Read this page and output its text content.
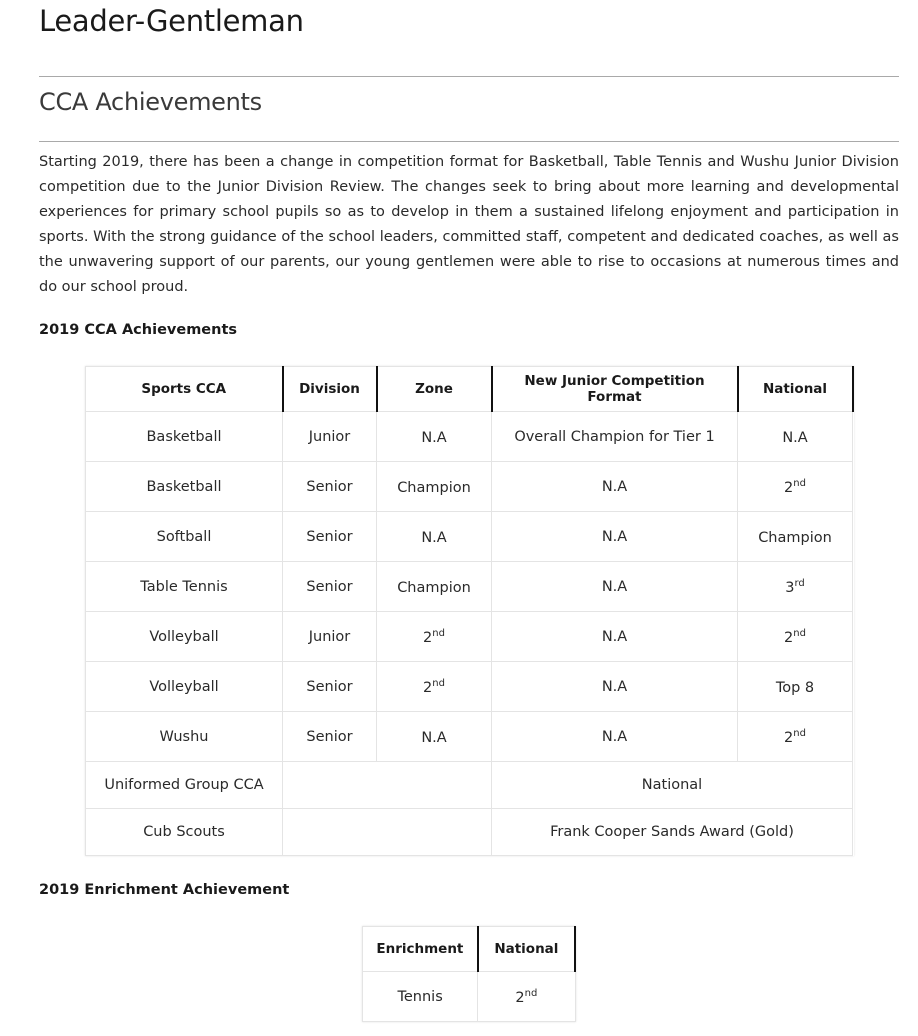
Leader-Gentleman
CCA Achievements

Starting 2019, there has been a change in competition format for Basketball, Table Tennis and Wushu Junior Division competition due to the Junior Division Review. The changes seek to bring about more learning and developmental experiences for primary school pupils so as to develop in them a sustained lifelong enjoyment and participation in sports. With the strong guidance of the school leaders, committed staff, competent and dedicated coaches, as well as the unwavering support of our parents, our young gentlemen were able to rise to occasions at numerous times and do our school proud.

2019 CCA Achievements
Sports CCA	Division	Zone	New Junior Competition Format	National
Basketball	Junior	N.A	Overall Champion for Tier 1	N.A
Basketball	Senior	Champion	N.A	2nd
Softball	Senior	N.A	N.A	Champion
Table Tennis	Senior	Champion	N.A	3rd
Volleyball	Junior	2nd	N.A	2nd
Volleyball	Senior	2nd	N.A	Top 8
Wushu	Senior	N.A	N.A	2nd
Uniformed Group CCA			National	
Cub Scouts			Frank Cooper Sands Award (Gold)	
2019 Enrichment Achievement
Enrichment	National
Tennis	2nd
